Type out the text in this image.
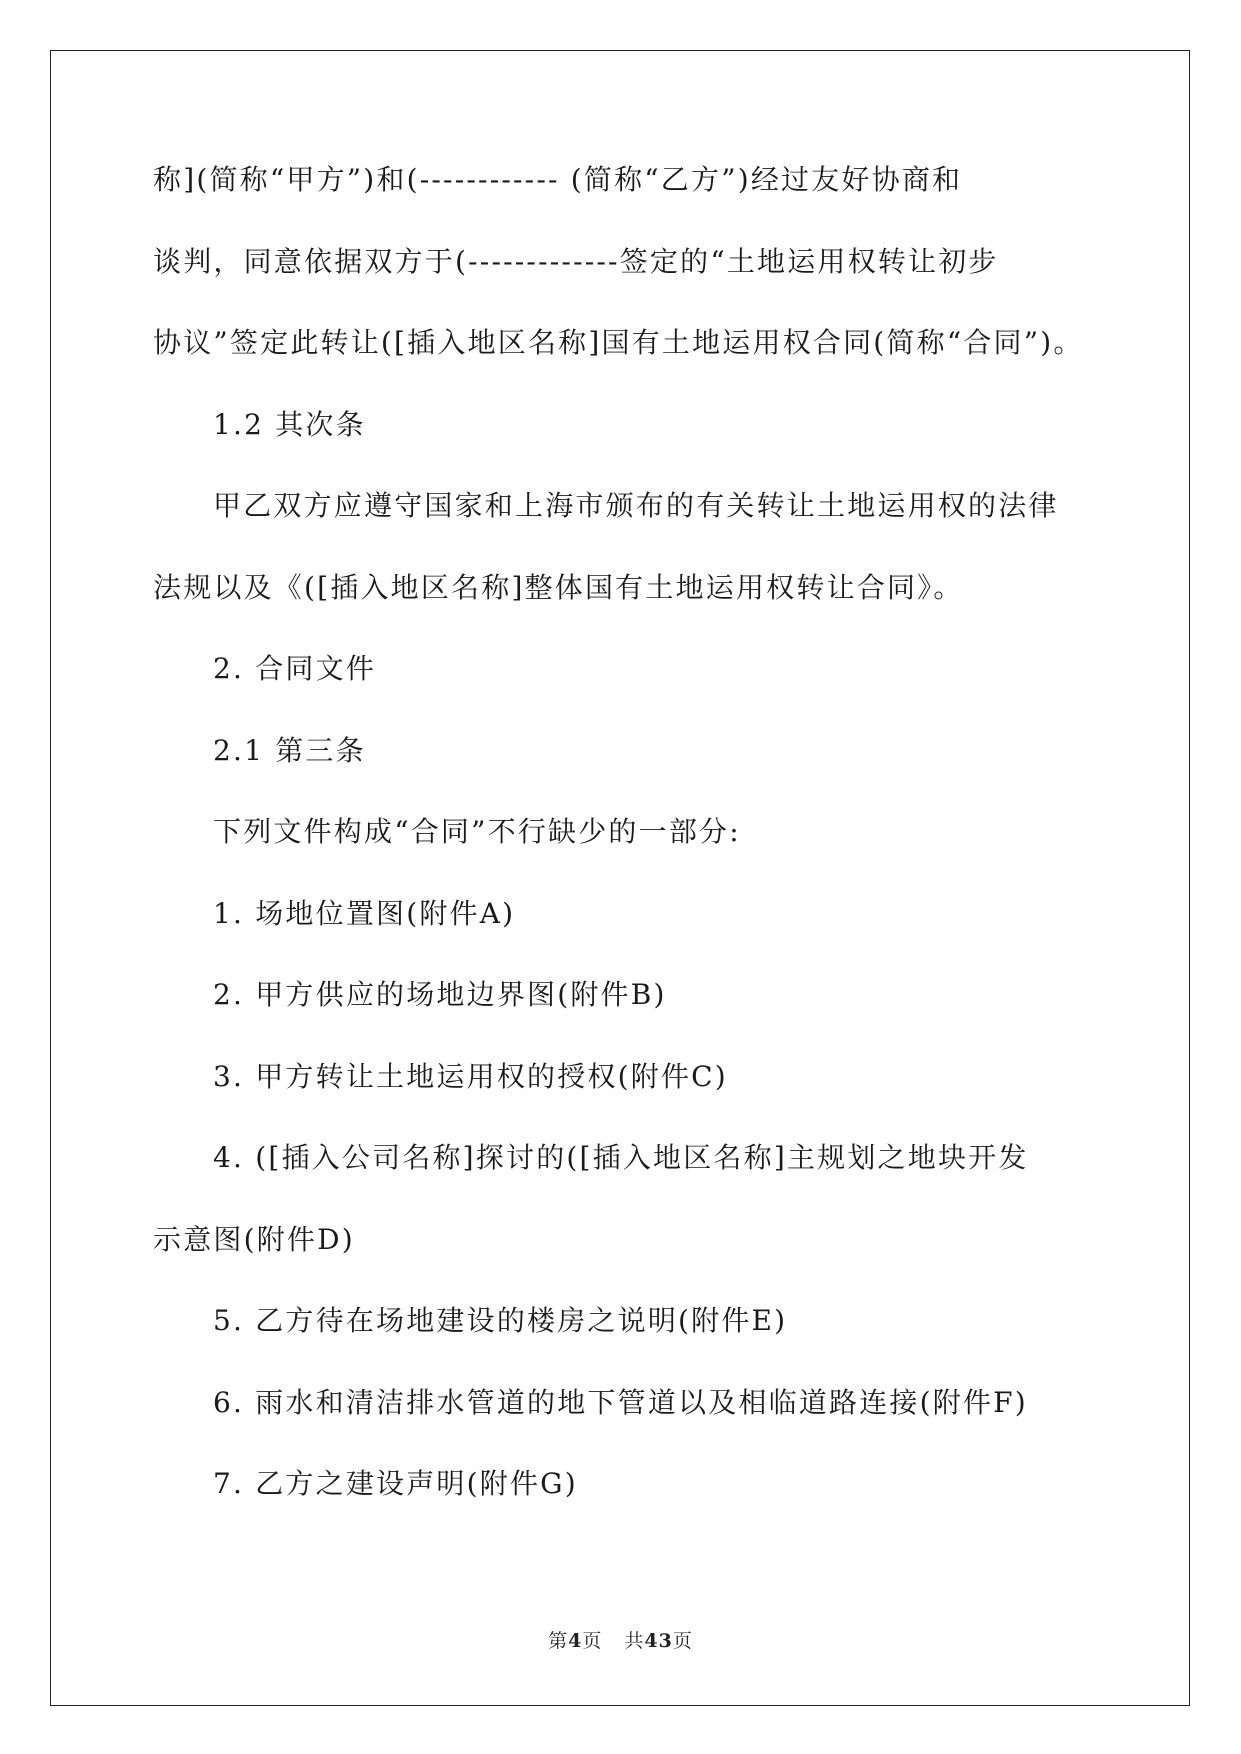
称](简称“甲方”)和(------------ (简称“乙方”)经过友好协商和
谈判，同意依据双方于(-------------签定的“土地运用权转让初步
协议”签定此转让([插入地区名称]国有土地运用权合同(简称“合同”)。
1.2 其次条
甲乙双方应遵守国家和上海市颁布的有关转让土地运用权的法律
法规以及《([插入地区名称]整体国有土地运用权转让合同》。
2. 合同文件
2.1 第三条
下列文件构成“合同”不行缺少的一部分:
1. 场地位置图(附件A)
2. 甲方供应的场地边界图(附件B)
3. 甲方转让土地运用权的授权(附件C)
4. ([插入公司名称]探讨的([插入地区名称]主规划之地块开发
示意图(附件D)
5. 乙方待在场地建设的楼房之说明(附件E)
6. 雨水和清洁排水管道的地下管道以及相临道路连接(附件F)
7. 乙方之建设声明(附件G)
第4页 共43页
